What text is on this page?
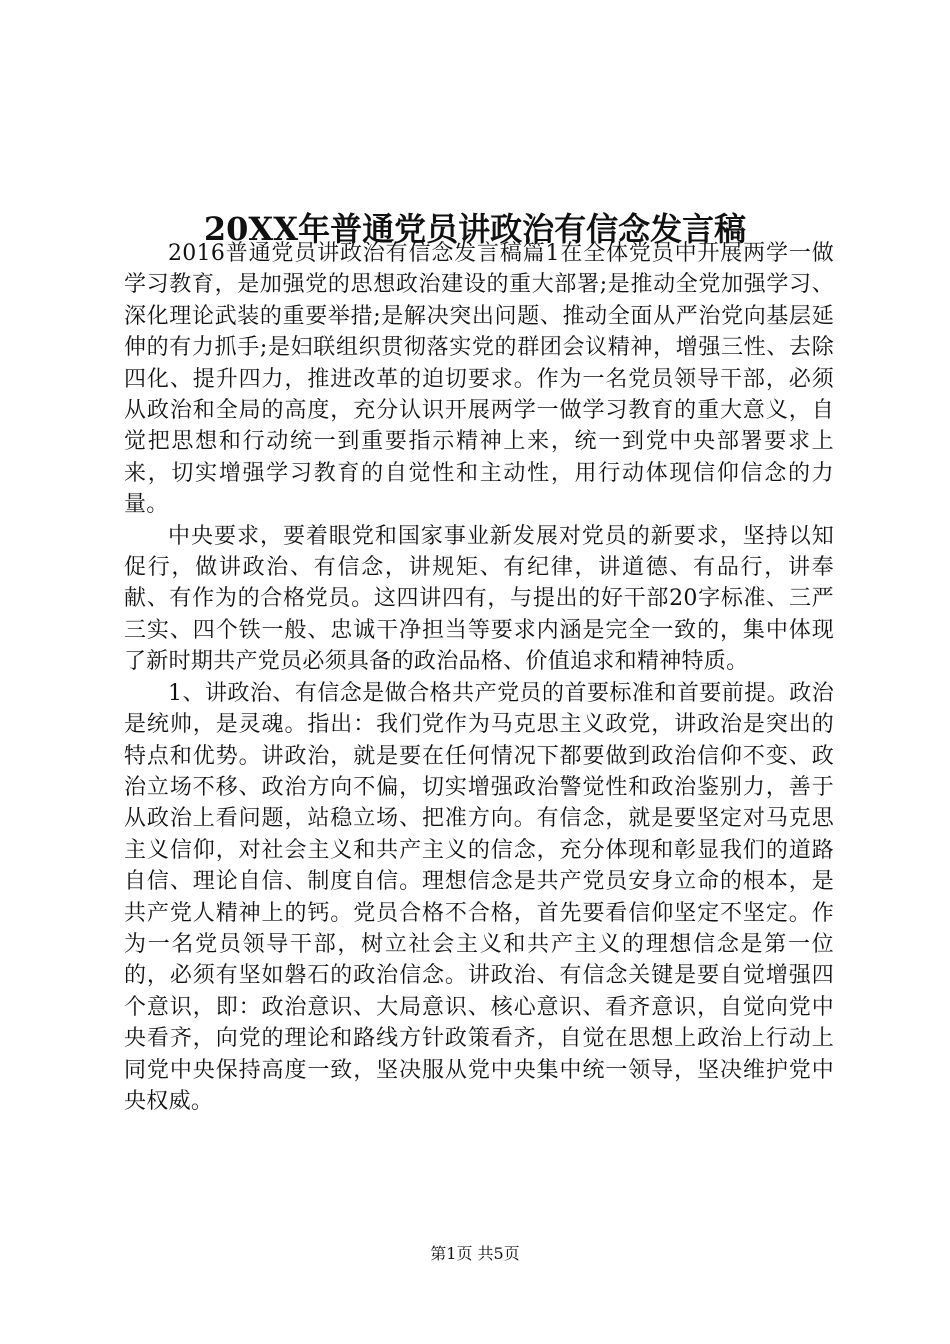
20XX年普通党员讲政治有信念发言稿

2016普通党员讲政治有信念发言稿篇1在全体党员中开展两学一做学习教育，是加强党的思想政治建设的重大部署;是推动全党加强学习、深化理论武装的重要举措;是解决突出问题、推动全面从严治党向基层延伸的有力抓手;是妇联组织贯彻落实党的群团会议精神，增强三性、去除四化、提升四力，推进改革的迫切要求。作为一名党员领导干部，必须从政治和全局的高度，充分认识开展两学一做学习教育的重大意义，自觉把思想和行动统一到重要指示精神上来，统一到党中央部署要求上来，切实增强学习教育的自觉性和主动性，用行动体现信仰信念的力量。

中央要求，要着眼党和国家事业新发展对党员的新要求，坚持以知促行，做讲政治、有信念，讲规矩、有纪律，讲道德、有品行，讲奉献、有作为的合格党员。这四讲四有，与提出的好干部20字标准、三严三实、四个铁一般、忠诚干净担当等要求内涵是完全一致的，集中体现了新时期共产党员必须具备的政治品格、价值追求和精神特质。

1、讲政治、有信念是做合格共产党员的首要标准和首要前提。政治是统帅，是灵魂。指出：我们党作为马克思主义政党，讲政治是突出的特点和优势。讲政治，就是要在任何情况下都要做到政治信仰不变、政治立场不移、政治方向不偏，切实增强政治警觉性和政治鉴别力，善于从政治上看问题，站稳立场、把准方向。有信念，就是要坚定对马克思主义信仰，对社会主义和共产主义的信念，充分体现和彰显我们的道路自信、理论自信、制度自信。理想信念是共产党员安身立命的根本，是共产党人精神上的钙。党员合格不合格，首先要看信仰坚定不坚定。作为一名党员领导干部，树立社会主义和共产主义的理想信念是第一位的，必须有坚如磐石的政治信念。讲政治、有信念关键是要自觉增强四个意识，即：政治意识、大局意识、核心意识、看齐意识，自觉向党中央看齐，向党的理论和路线方针政策看齐，自觉在思想上政治上行动上同党中央保持高度一致，坚决服从党中央集中统一领导，坚决维护党中央权威。

第1页 共5页
